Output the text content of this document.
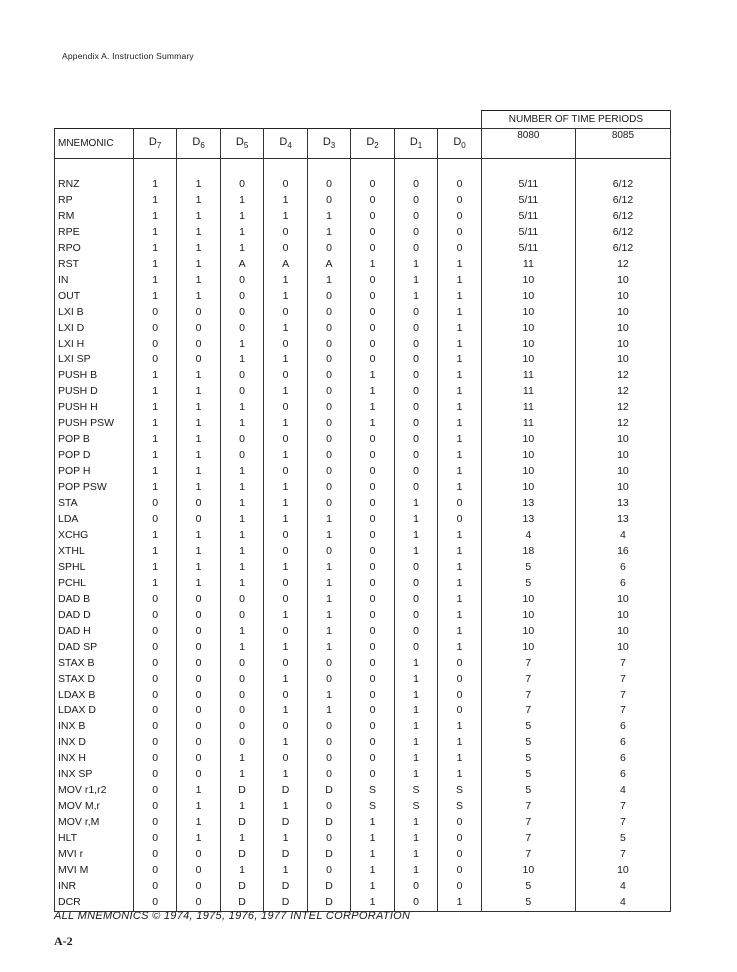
Appendix A. Instruction Summary
									NUMBER OF TIME PERIODS	
MNEMONIC	$D_7$	$D_6$	$D_5$	$D_4$	$D_3$	$D_2$	$D_1$	$D_0$	8080	8085

RNZ	1	1	0	0	0	0	0	0	5/11	6/12
RP	1	1	1	1	0	0	0	0	5/11	6/12
RM	1	1	1	1	1	0	0	0	5/11	6/12
RPE	1	1	1	0	1	0	0	0	5/11	6/12
RPO	1	1	1	0	0	0	0	0	5/11	6/12
RST	1	1	A	A	A	1	1	1	11	12
IN	1	1	0	1	1	0	1	1	10	10
OUT	1	1	0	1	0	0	1	1	10	10
LXI B	0	0	0	0	0	0	0	1	10	10
LXI D	0	0	0	1	0	0	0	1	10	10
LXI H	0	0	1	0	0	0	0	1	10	10
LXI SP	0	0	1	1	0	0	0	1	10	10
PUSH B	1	1	0	0	0	1	0	1	11	12
PUSH D	1	1	0	1	0	1	0	1	11	12
PUSH H	1	1	1	0	0	1	0	1	11	12
PUSH PSW	1	1	1	1	0	1	0	1	11	12
POP B	1	1	0	0	0	0	0	1	10	10
POP D	1	1	0	1	0	0	0	1	10	10
POP H	1	1	1	0	0	0	0	1	10	10
POP PSW	1	1	1	1	0	0	0	1	10	10
STA	0	0	1	1	0	0	1	0	13	13
LDA	0	0	1	1	1	0	1	0	13	13
XCHG	1	1	1	0	1	0	1	1	4	4
XTHL	1	1	1	0	0	0	1	1	18	16
SPHL	1	1	1	1	1	0	0	1	5	6
PCHL	1	1	1	0	1	0	0	1	5	6
DAD B	0	0	0	0	1	0	0	1	10	10
DAD D	0	0	0	1	1	0	0	1	10	10
DAD H	0	0	1	0	1	0	0	1	10	10
DAD SP	0	0	1	1	1	0	0	1	10	10
STAX B	0	0	0	0	0	0	1	0	7	7
STAX D	0	0	0	1	0	0	1	0	7	7
LDAX B	0	0	0	0	1	0	1	0	7	7
LDAX D	0	0	0	1	1	0	1	0	7	7
INX B	0	0	0	0	0	0	1	1	5	6
INX D	0	0	0	1	0	0	1	1	5	6
INX H	0	0	1	0	0	0	1	1	5	6
INX SP	0	0	1	1	0	0	1	1	5	6
MOV r1,r2	0	1	D	D	D	S	S	S	5	4
MOV M,r	0	1	1	1	0	S	S	S	7	7
MOV r,M	0	1	D	D	D	1	1	0	7	7
HLT	0	1	1	1	0	1	1	0	7	5
MVI r	0	0	D	D	D	1	1	0	7	7
MVI M	0	0	1	1	0	1	1	0	10	10
INR	0	0	D	D	D	1	0	0	5	4
DCR	0	0	D	D	D	1	0	1	5	4
ALL MNEMONICS © 1974, 1975, 1976, 1977 INTEL CORPORATION
A-2
